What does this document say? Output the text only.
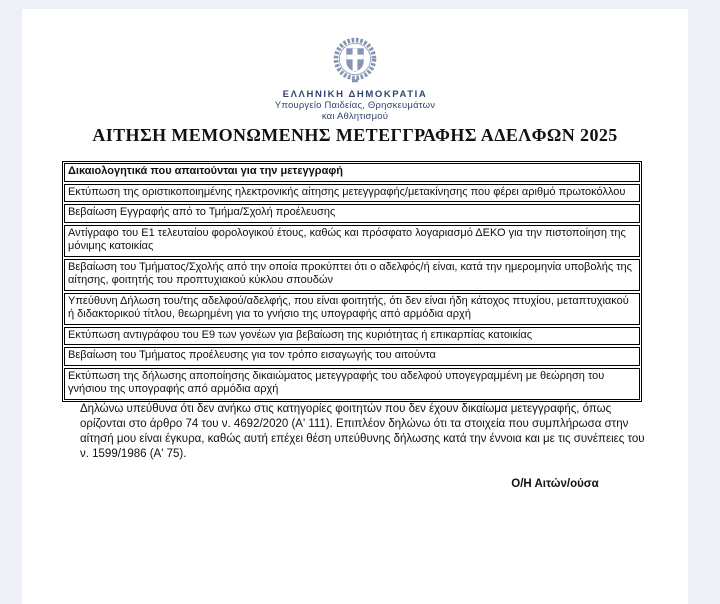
ΕΛΛΗΝΙΚΗ ΔΗΜΟΚΡΑΤΙΑ
Υπουργείο Παιδείας, Θρησκευμάτων
και Αθλητισμού
ΑΙΤΗΣΗ ΜΕΜΟΝΩΜΕΝΗΣ ΜΕΤΕΓΓΡΑΦΗΣ ΑΔΕΛΦΩΝ 2025
Δικαιολογητικά που απαιτούνται για την μετεγγραφή
Εκτύπωση της οριστικοποιημένης ηλεκτρονικής αίτησης μετεγγραφής/μετακίνησης που φέρει αριθμό πρωτοκόλλου
Βεβαίωση Εγγραφής από το Τμήμα/Σχολή προέλευσης
Αντίγραφο του Ε1 τελευταίου φορολογικού έτους, καθώς και πρόσφατο λογαριασμό ΔΕΚΟ για την πιστοποίηση της μόνιμης κατοικίας
Βεβαίωση του Τμήματος/Σχολής από την οποία προκύπτει ότι ο αδελφός/ή είναι, κατά την ημερομηνία υποβολής της αίτησης, φοιτητής του προπτυχιακού κύκλου σπουδών
Υπεύθυνη Δήλωση του/της αδελφού/αδελφής, που είναι φοιτητής, ότι δεν είναι ήδη κάτοχος πτυχίου, μεταπτυχιακού ή διδακτορικού τίτλου, θεωρημένη για το γνήσιο της υπογραφής από αρμόδια αρχή
Εκτύπωση αντιγράφου του Ε9 των γονέων για βεβαίωση της κυριότητας ή επικαρπίας κατοικίας
Βεβαίωση του Τμήματος προέλευσης για τον τρόπο εισαγωγής του αιτούντα
Εκτύπωση της δήλωσης αποποίησης δικαιώματος μετεγγραφής του αδελφού υπογεγραμμένη με θεώρηση του γνήσιου της υπογραφής από αρμόδια αρχή
Δηλώνω υπεύθυνα ότι δεν ανήκω στις κατηγορίες φοιτητών που δεν έχουν δικαίωμα μετεγγραφής, όπως ορίζονται στο άρθρο 74 του ν. 4692/2020 (Α' 111). Επιπλέον δηλώνω ότι τα στοιχεία που συμπλήρωσα στην αίτησή μου είναι έγκυρα, καθώς αυτή επέχει θέση υπεύθυνης δήλωσης κατά την έννοια και με τις συνέπειες του ν. 1599/1986 (Α' 75).
Ο/Η Αιτών/ούσα
